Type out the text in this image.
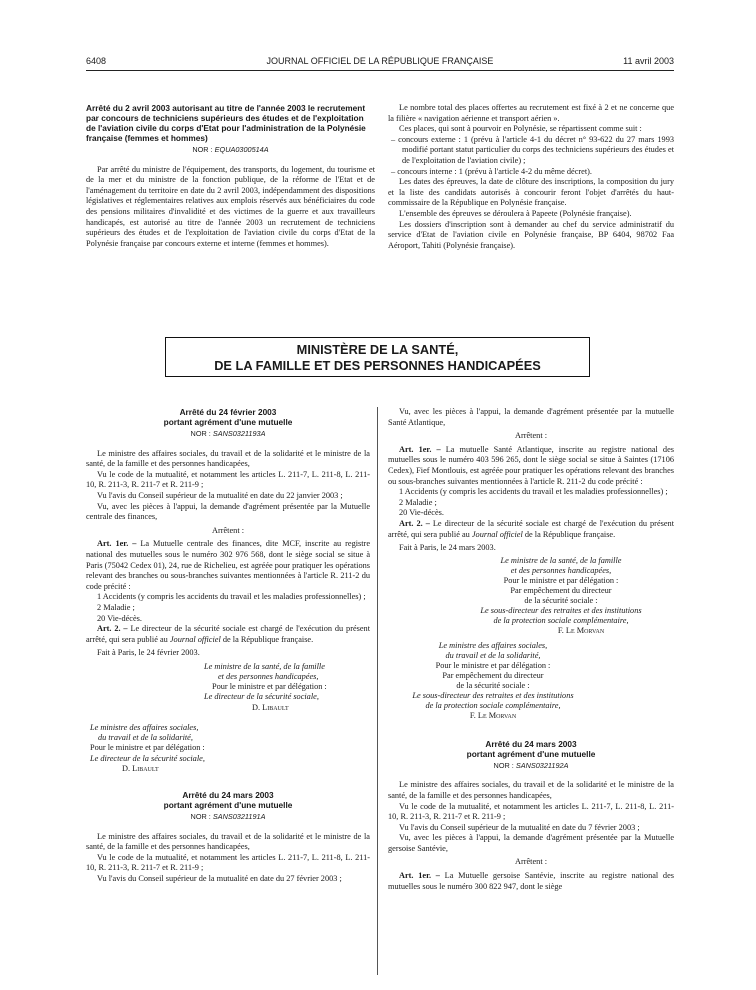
6408	JOURNAL OFFICIEL DE LA RÉPUBLIQUE FRANÇAISE	11 avril 2003

Arrêté du 2 avril 2003 autorisant au titre de l'année 2003 le recrutement par concours de techniciens supérieurs des études et de l'exploitation de l'aviation civile du corps d'Etat pour l'administration de la Polynésie française (femmes et hommes)

NOR : EQUA0300514A

Par arrêté du ministre de l'équipement, des transports, du logement, du tourisme et de la mer et du ministre de la fonction publique, de la réforme de l'Etat et de l'aménagement du territoire en date du 2 avril 2003, indépendamment des dispositions législatives et réglementaires relatives aux emplois réservés aux bénéficiaires du code des pensions militaires d'invalidité et des victimes de la guerre et aux travailleurs handicapés, est autorisé au titre de l'année 2003 un recrutement de techniciens supérieurs des études et de l'exploitation de l'aviation civile du corps d'Etat de la Polynésie française par concours externe et interne (femmes et hommes).

Le nombre total des places offertes au recrutement est fixé à 2 et ne concerne que la filière « navigation aérienne et transport aérien ».

Ces places, qui sont à pourvoir en Polynésie, se répartissent comme suit :

– concours externe : 1 (prévu à l'article 4-1 du décret n° 93-622 du 27 mars 1993 modifié portant statut particulier du corps des techniciens supérieurs des études et de l'exploitation de l'aviation civile) ;

– concours interne : 1 (prévu à l'article 4-2 du même décret).

Les dates des épreuves, la date de clôture des inscriptions, la composition du jury et la liste des candidats autorisés à concourir feront l'objet d'arrêtés du haut-commissaire de la République en Polynésie française.

L'ensemble des épreuves se déroulera à Papeete (Polynésie française).

Les dossiers d'inscription sont à demander au chef du service administratif du service d'Etat de l'aviation civile en Polynésie française, BP 6404, 98702 Faa Aéroport, Tahiti (Polynésie française).

MINISTÈRE DE LA SANTÉ,
DE LA FAMILLE ET DES PERSONNES HANDICAPÉES

Arrêté du 24 février 2003

portant agrément d'une mutuelle

NOR : SANS0321193A

Le ministre des affaires sociales, du travail et de la solidarité et le ministre de la santé, de la famille et des personnes handicapées,

Vu le code de la mutualité, et notamment les articles L. 211-7, L. 211-8, L. 211-10, R. 211-3, R. 211-7 et R. 211-9 ;

Vu l'avis du Conseil supérieur de la mutualité en date du 22 janvier 2003 ;

Vu, avec les pièces à l'appui, la demande d'agrément présentée par la Mutuelle centrale des finances,

Arrêtent :

Art. 1er. – La Mutuelle centrale des finances, dite MCF, inscrite au registre national des mutuelles sous le numéro 302 976 568, dont le siège social se situe à Paris (75042 Cedex 01), 24, rue de Richelieu, est agréée pour pratiquer les opérations relevant des branches ou sous-branches suivantes mentionnées à l'article R. 211-2 du code précité :

1 Accidents (y compris les accidents du travail et les maladies professionnelles) ;

2 Maladie ;

20 Vie-décès.

Art. 2. – Le directeur de la sécurité sociale est chargé de l'exécution du présent arrêté, qui sera publié au Journal officiel de la République française.

Fait à Paris, le 24 février 2003.

Le ministre de la santé, de la famille

et des personnes handicapées,

Pour le ministre et par délégation :

Le directeur de la sécurité sociale,

D. Libault

Le ministre des affaires sociales,

du travail et de la solidarité,

Pour le ministre et par délégation :

Le directeur de la sécurité sociale,

D. Libault

Arrêté du 24 mars 2003

portant agrément d'une mutuelle

NOR : SANS0321191A

Le ministre des affaires sociales, du travail et de la solidarité et le ministre de la santé, de la famille et des personnes handicapées,

Vu le code de la mutualité, et notamment les articles L. 211-7, L. 211-8, L. 211-10, R. 211-3, R. 211-7 et R. 211-9 ;

Vu l'avis du Conseil supérieur de la mutualité en date du 27 février 2003 ;

Vu, avec les pièces à l'appui, la demande d'agrément présentée par la mutuelle Santé Atlantique,

Arrêtent :

Art. 1er. – La mutuelle Santé Atlantique, inscrite au registre national des mutuelles sous le numéro 403 596 265, dont le siège social se situe à Saintes (17106 Cedex), Fief Montlouis, est agréée pour pratiquer les opérations relevant des branches ou sous-branches suivantes mentionnées à l'article R. 211-2 du code précité :

1 Accidents (y compris les accidents du travail et les maladies professionnelles) ;

2 Maladie ;

20 Vie-décès.

Art. 2. – Le directeur de la sécurité sociale est chargé de l'exécution du présent arrêté, qui sera publié au Journal officiel de la République française.

Fait à Paris, le 24 mars 2003.

Le ministre de la santé, de la famille

et des personnes handicapées,

Pour le ministre et par délégation :

Par empêchement du directeur

de la sécurité sociale :

Le sous-directeur des retraites et des institutions

de la protection sociale complémentaire,

F. Le Morvan

Le ministre des affaires sociales,

du travail et de la solidarité,

Pour le ministre et par délégation :

Par empêchement du directeur

de la sécurité sociale :

Le sous-directeur des retraites et des institutions

de la protection sociale complémentaire,

F. Le Morvan

Arrêté du 24 mars 2003

portant agrément d'une mutuelle

NOR : SANS0321192A

Le ministre des affaires sociales, du travail et de la solidarité et le ministre de la santé, de la famille et des personnes handicapées,

Vu le code de la mutualité, et notamment les articles L. 211-7, L. 211-8, L. 211-10, R. 211-3, R. 211-7 et R. 211-9 ;

Vu l'avis du Conseil supérieur de la mutualité en date du 7 février 2003 ;

Vu, avec les pièces à l'appui, la demande d'agrément présentée par la Mutuelle gersoise Santévie,

Arrêtent :

Art. 1er. – La Mutuelle gersoise Santévie, inscrite au registre national des mutuelles sous le numéro 300 822 947, dont le siège
